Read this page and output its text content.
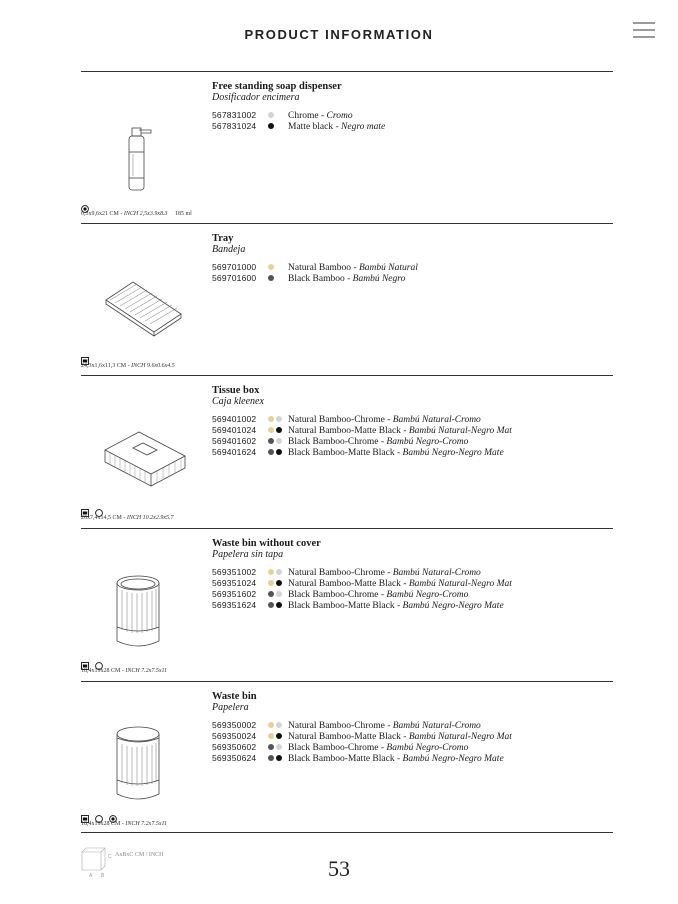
PRODUCT INFORMATION
Free standing soap dispenser
Dosificador encimera
567831002	Chrome - Cromo
567831024	Matte black - Negro mate
6,3x9,6x21 CM - INCH 2,5x3.9x8.3 185 ml
Tray
Bandeja
569701000	Natural Bamboo - Bambú Natural
569701600	Black Bamboo - Bambú Negro
24,3x1,6x11,3 CM - INCH 9.6x0.6x4.5
Tissue box
Caja kleenex
569401002	Natural Bamboo-Chrome - Bambú Natural-Cromo
569401024	Natural Bamboo-Matte Black - Bambú Natural-Negro Mat
569401602	Black Bamboo-Chrome - Bambú Negro-Cromo
569401624	Black Bamboo-Matte Black - Bambú Negro-Negro Mate

26x7,4x14,5 CM - INCH 10.2x2.9x5.7
Waste bin without cover
Papelera sin tapa
569351002	Natural Bamboo-Chrome - Bambú Natural-Cromo
569351024	Natural Bamboo-Matte Black - Bambú Natural-Negro Mat
569351602	Black Bamboo-Chrome - Bambú Negro-Cromo
569351624	Black Bamboo-Matte Black - Bambú Negro-Negro Mate

18,4x19x28 CM - INCH 7.2x7.5x11
Waste bin
Papelera
569350002	Natural Bamboo-Chrome - Bambú Natural-Cromo
569350024	Natural Bamboo-Matte Black - Bambú Natural-Negro Mat
569350602	Black Bamboo-Chrome - Bambú Negro-Cromo
569350624	Black Bamboo-Matte Black - Bambú Negro-Negro Mate

18,4x19x28 CM - INCH 7.2x7.5x11
A B
C AxBxC CM / INCH
53
